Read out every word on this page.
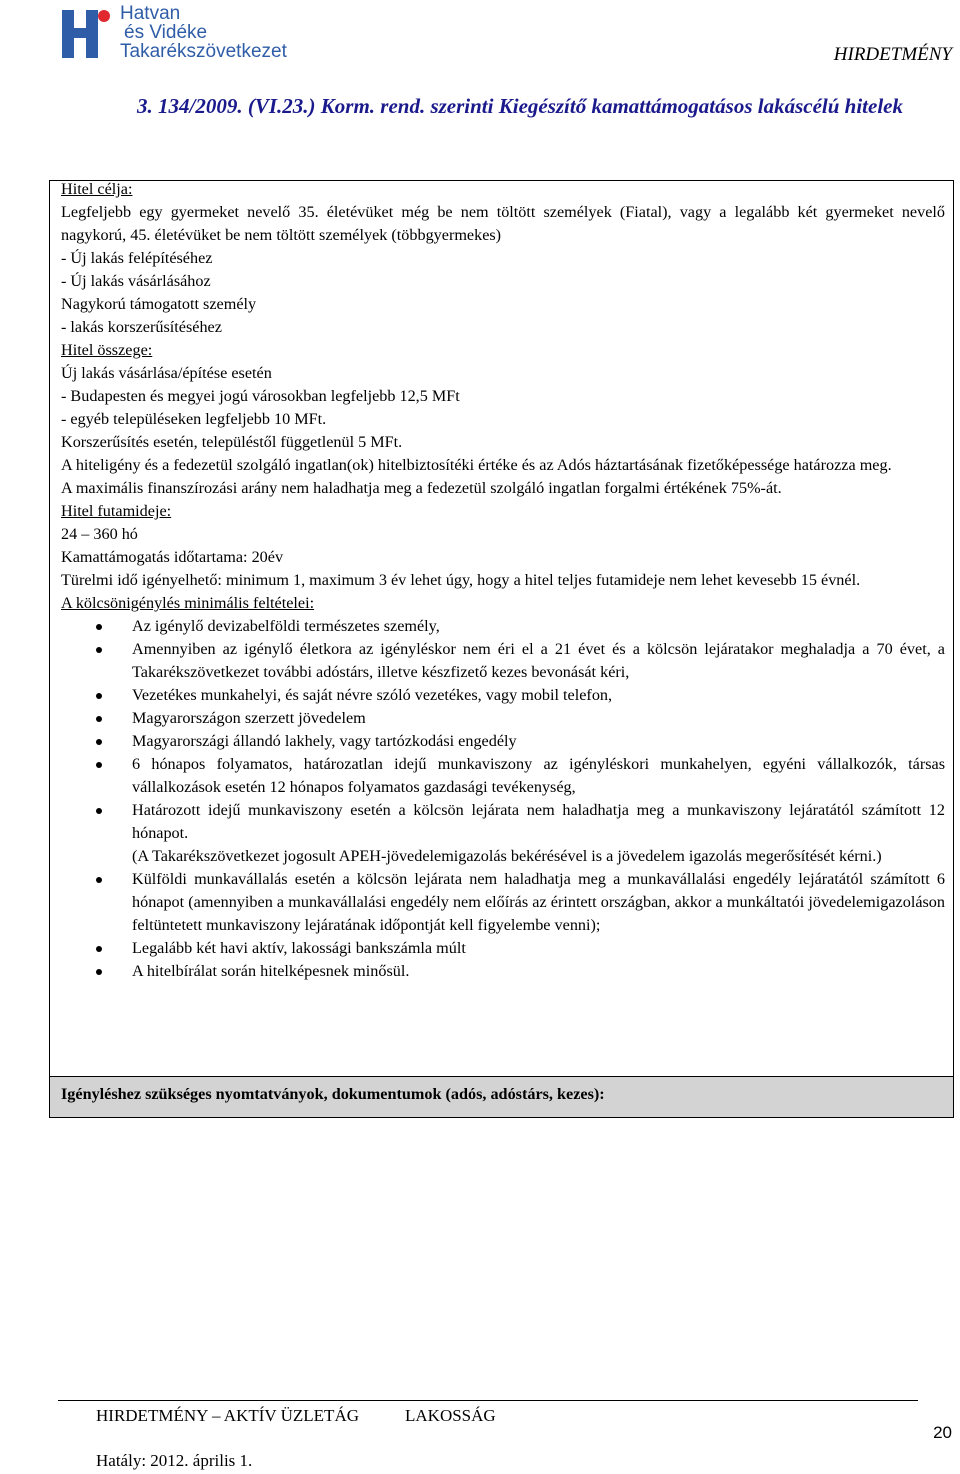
Hatvan
és Vidéke
Takarékszövetkezet	HIRDETMÉNY
3. 134/2009. (VI.23.) Korm. rend. szerinti Kiegészítő kamattámogatásos lakáscélú hitelek

Hitel célja:

Legfeljebb egy gyermeket nevelő 35. életévüket még be nem töltött személyek (Fiatal), vagy a legalább két gyermeket nevelő nagykorú, 45. életévüket be nem töltött személyek (többgyermekes)

- Új lakás felépítéséhez

- Új lakás vásárlásához

Nagykorú támogatott személy

- lakás korszerűsítéséhez

Hitel összege:

Új lakás vásárlása/építése esetén

- Budapesten és megyei jogú városokban legfeljebb 12,5 MFt

- egyéb településeken legfeljebb 10 MFt.

Korszerűsítés esetén, településtől függetlenül 5 MFt.

A hiteligény és a fedezetül szolgáló ingatlan(ok) hitelbiztosítéki értéke és az Adós háztartásának fizetőképessége határozza meg.

A maximális finanszírozási arány nem haladhatja meg a fedezetül szolgáló ingatlan forgalmi értékének 75%-át.

Hitel futamideje:

24 – 360 hó

Kamattámogatás időtartama: 20év

Türelmi idő igényelhető: minimum 1, maximum 3 év lehet úgy, hogy a hitel teljes futamideje nem lehet kevesebb 15 évnél.

A kölcsönigénylés minimális feltételei:

Az igénylő devizabelföldi természetes személy,
Amennyiben az igénylő életkora az igényléskor nem éri el a 21 évet és a kölcsön lejáratakor meghaladja a 70 évet, a Takarékszövetkezet további adóstárs, illetve készfizető kezes bevonását kéri,
Vezetékes munkahelyi, és saját névre szóló vezetékes, vagy mobil telefon,
Magyarországon szerzett jövedelem
Magyarországi állandó lakhely, vagy tartózkodási engedély
6 hónapos folyamatos, határozatlan idejű munkaviszony az igényléskori munkahelyen, egyéni vállalkozók, társas vállalkozások esetén 12 hónapos folyamatos gazdasági tevékenység,
Határozott idejű munkaviszony esetén a kölcsön lejárata nem haladhatja meg a munkaviszony lejáratától számított 12 hónapot.
(A Takarékszövetkezet jogosult APEH-jövedelemigazolás bekérésével is a jövedelem igazolás megerősítését kérni.)
Külföldi munkavállalás esetén a kölcsön lejárata nem haladhatja meg a munkavállalási engedély lejáratától számított 6 hónapot (amennyiben a munkavállalási engedély nem előírás az érintett országban, akkor a munkáltatói jövedelemigazoláson feltüntetett munkaviszony lejáratának időpontját kell figyelembe venni);
Legalább két havi aktív, lakossági bankszámla múlt
A hitelbírálat során hitelképesnek minősül.
Igényléshez szükséges nyomtatványok, dokumentumok (adós, adóstárs, kezes):
HIRDETMÉNY – AKTÍV ÜZLETÁG	LAKOSSÁG
Hatály: 2012. április 1.
20
